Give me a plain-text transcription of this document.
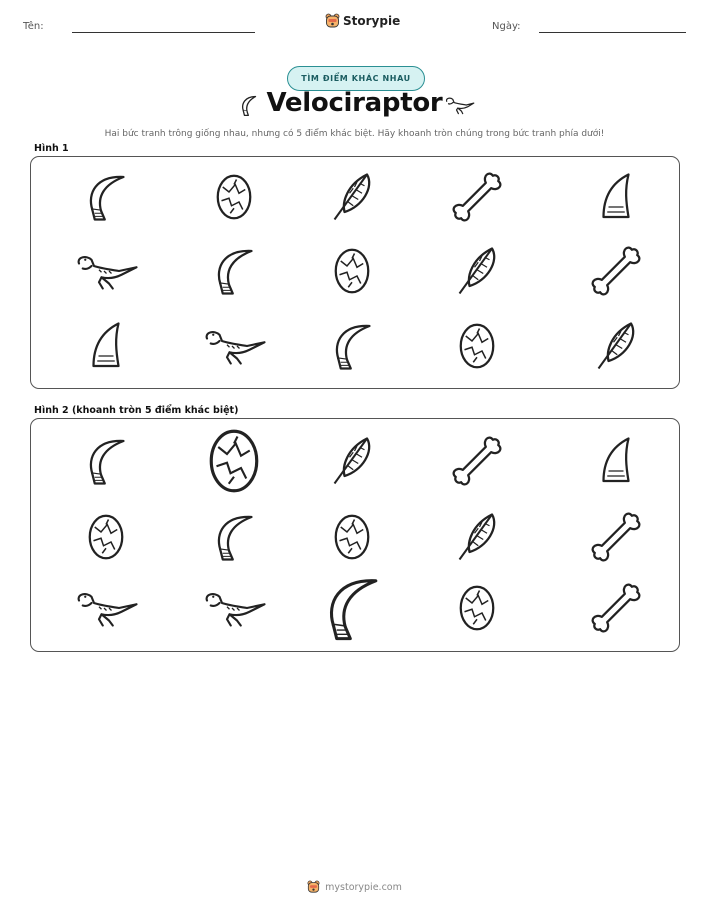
Tên:	Storypie	Ngày:
TÌM ĐIỂM KHÁC NHAU
Velociraptor
Hai bức tranh trông giống nhau, nhưng có 5 điểm khác biệt. Hãy khoanh tròn chúng trong bức tranh phía dưới!
Hình 1
Hình 2 (khoanh tròn 5 điểm khác biệt)
mystorypie.com
